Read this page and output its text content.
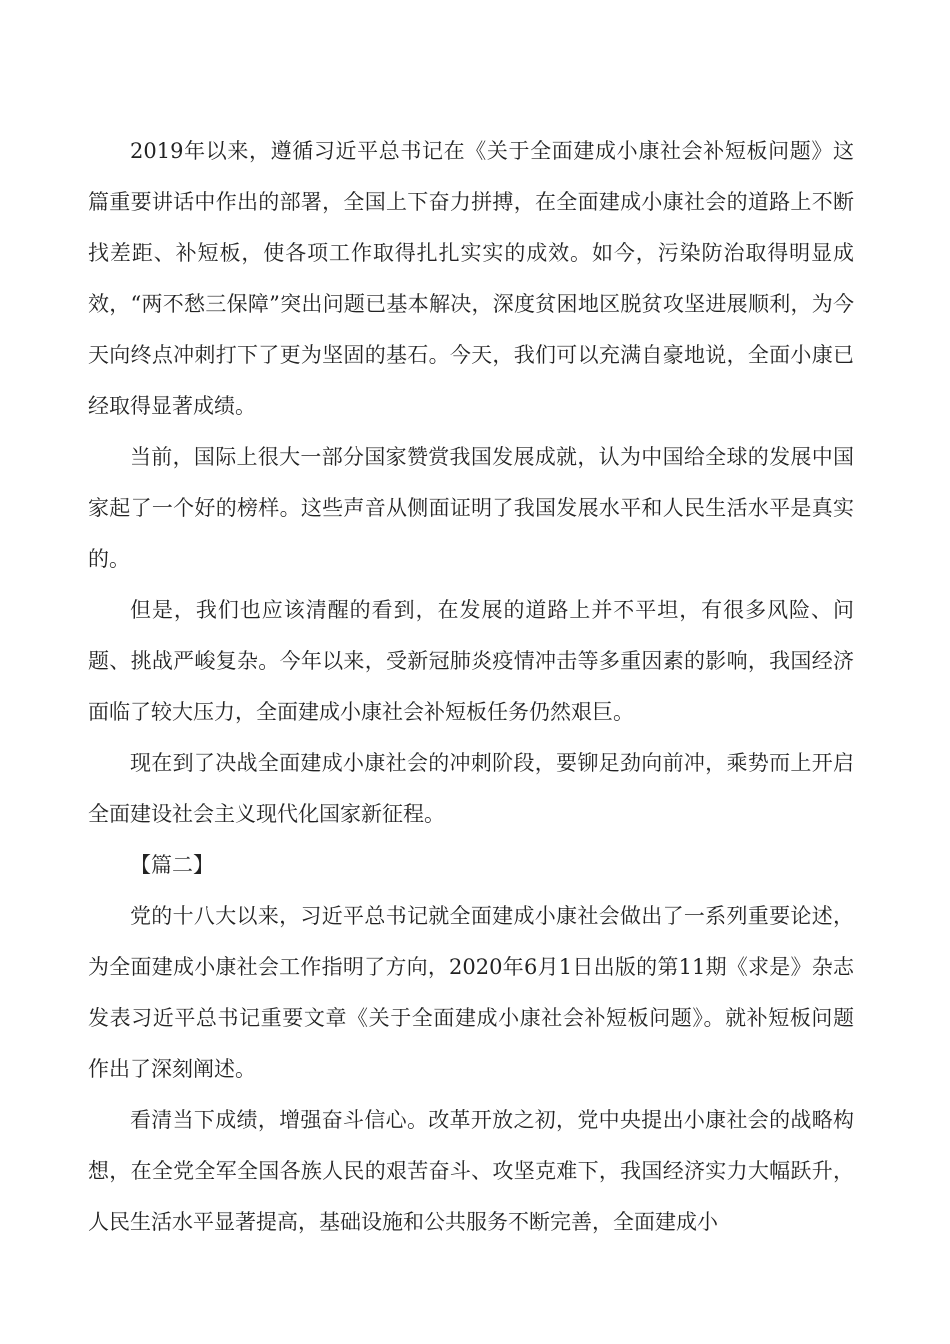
2019年以来，遵循习近平总书记在《关于全面建成小康社会补短板问题》这篇重要讲话中作出的部署，全国上下奋力拼搏，在全面建成小康社会的道路上不断找差距、补短板，使各项工作取得扎扎实实的成效。如今，污染防治取得明显成效，“两不愁三保障”突出问题已基本解决，深度贫困地区脱贫攻坚进展顺利，为今天向终点冲刺打下了更为坚固的基石。今天，我们可以充满自豪地说，全面小康已经取得显著成绩。

当前，国际上很大一部分国家赞赏我国发展成就，认为中国给全球的发展中国家起了一个好的榜样。这些声音从侧面证明了我国发展水平和人民生活水平是真实的。

但是，我们也应该清醒的看到，在发展的道路上并不平坦，有很多风险、问题、挑战严峻复杂。今年以来，受新冠肺炎疫情冲击等多重因素的影响，我国经济面临了较大压力，全面建成小康社会补短板任务仍然艰巨。

现在到了决战全面建成小康社会的冲刺阶段，要铆足劲向前冲，乘势而上开启全面建设社会主义现代化国家新征程。

【篇二】

党的十八大以来，习近平总书记就全面建成小康社会做出了一系列重要论述，为全面建成小康社会工作指明了方向，2020年6月1日出版的第11期《求是》杂志发表习近平总书记重要文章《关于全面建成小康社会补短板问题》。就补短板问题作出了深刻阐述。

看清当下成绩，增强奋斗信心。改革开放之初，党中央提出小康社会的战略构想，在全党全军全国各族人民的艰苦奋斗、攻坚克难下，我国经济实力大幅跃升，人民生活水平显著提高，基础设施和公共服务不断完善，全面建成小
